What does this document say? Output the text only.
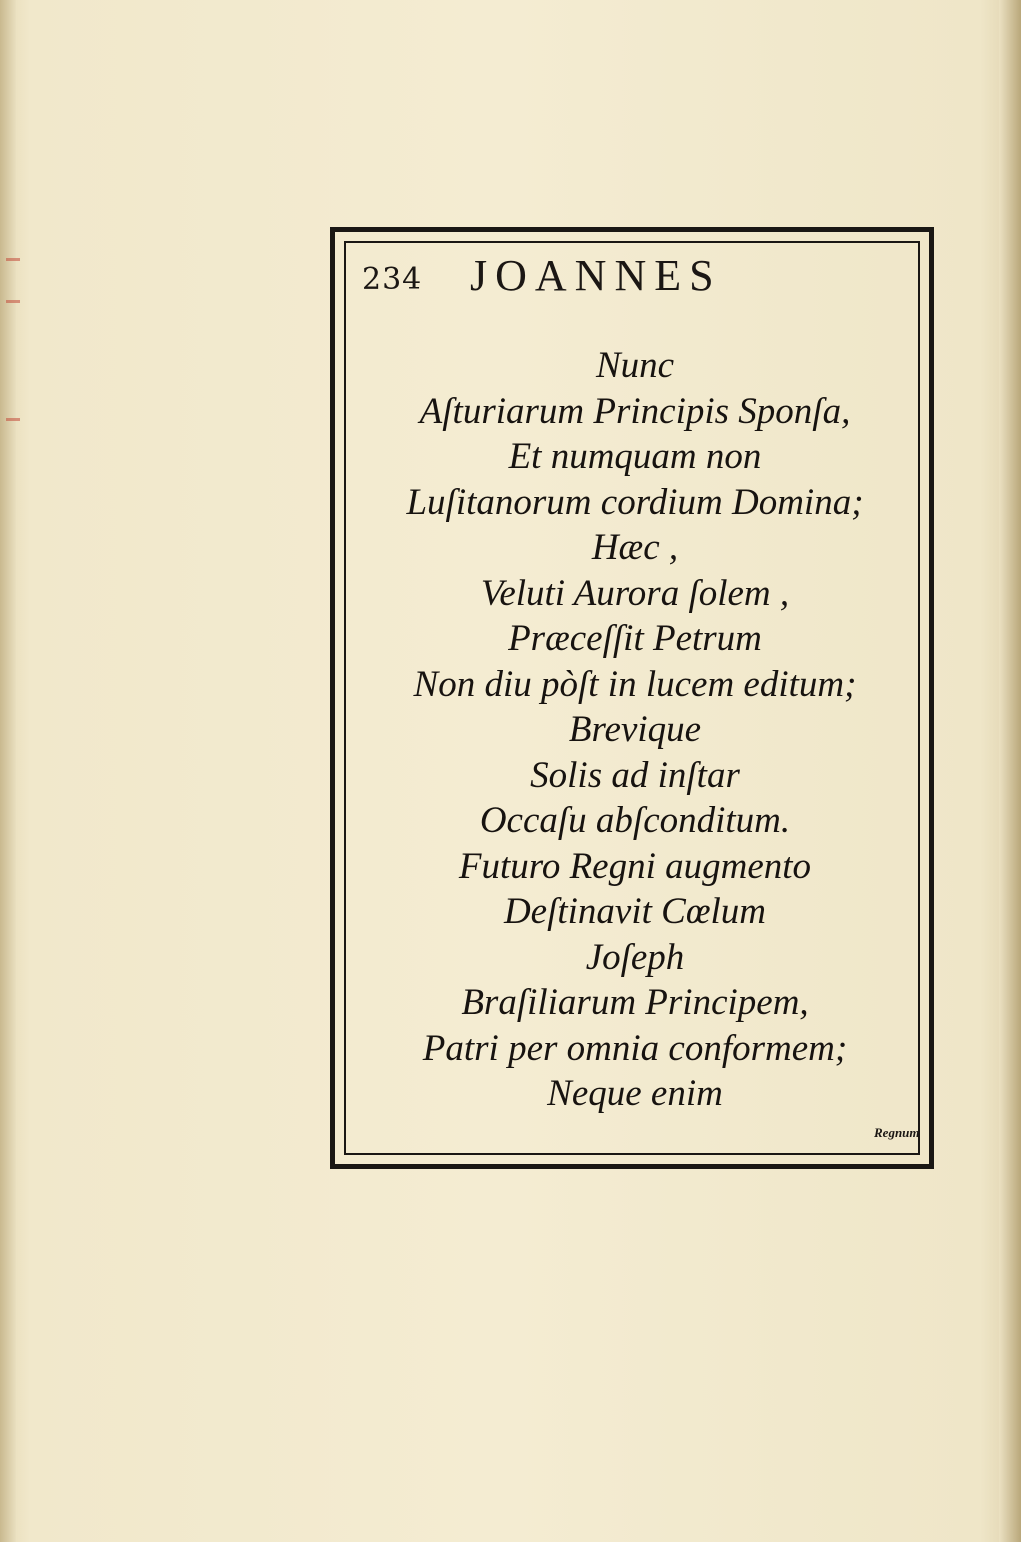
234 JOANNES
Nunc
Aſturiarum Principis Sponſa,
Et numquam non
Luſitanorum cordium Domina;
Hæc ,
Veluti Aurora ſolem ,
Præceſſit Petrum
Non diu pòſt in lucem editum;
Brevique
Solis ad inſtar
Occaſu abſconditum.
Futuro Regni augmento
Deſtinavit Cœlum
Joſeph
Braſiliarum Principem,
Patri per omnia conformem;
Neque enim
Regnum
